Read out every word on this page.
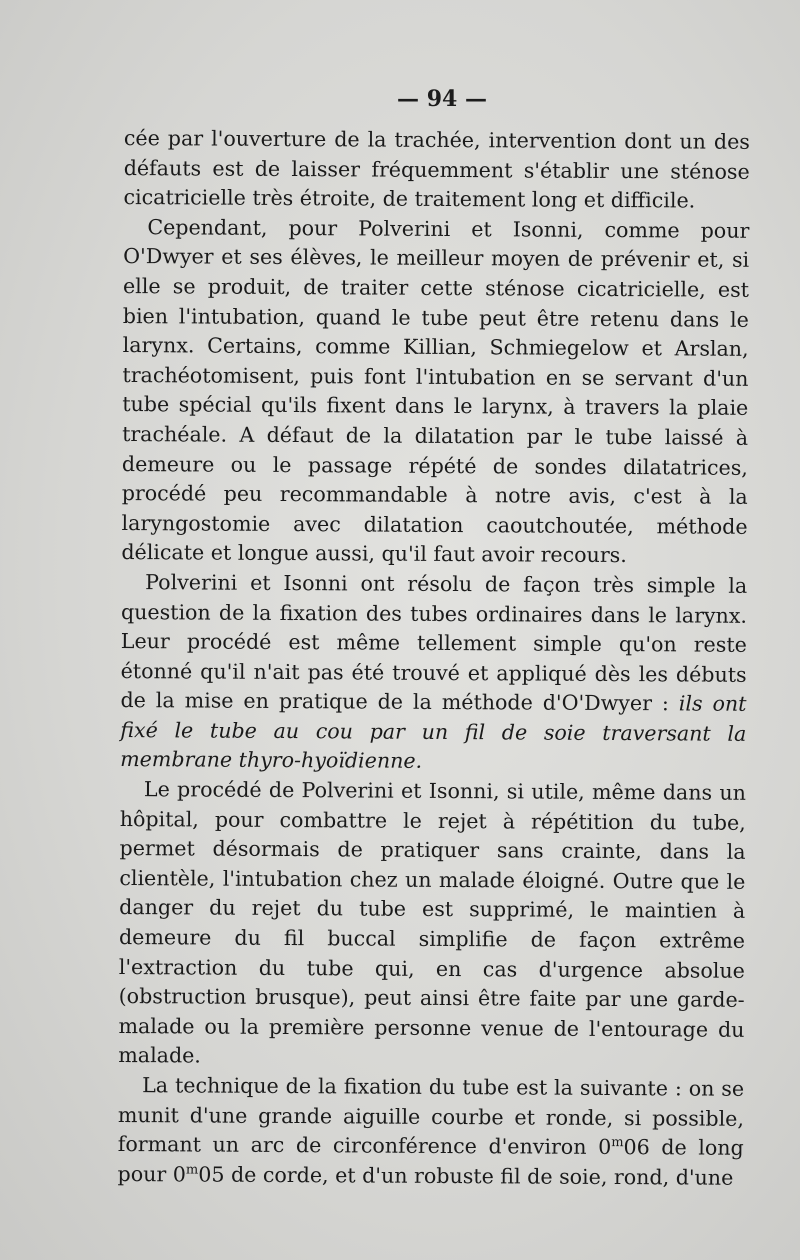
— 94 —

cée par l'ouverture de la trachée, intervention dont un des défauts est de laisser fréquemment s'établir une sténose cicatricielle très étroite, de traitement long et difficile.

Cependant, pour Polverini et Isonni, comme pour O'Dwyer et ses élèves, le meilleur moyen de prévenir et, si elle se produit, de traiter cette sténose cicatricielle, est bien l'intubation, quand le tube peut être retenu dans le larynx. Certains, comme Killian, Schmiegelow et Arslan, trachéotomisent, puis font l'intubation en se servant d'un tube spécial qu'ils fixent dans le larynx, à travers la plaie trachéale. A défaut de la dilatation par le tube laissé à demeure ou le passage répété de sondes dilatatrices, procédé peu recommandable à notre avis, c'est à la laryngostomie avec dilatation caoutchoutée, méthode délicate et longue aussi, qu'il faut avoir recours.

Polverini et Isonni ont résolu de façon très simple la question de la fixation des tubes ordinaires dans le larynx. Leur procédé est même tellement simple qu'on reste étonné qu'il n'ait pas été trouvé et appliqué dès les débuts de la mise en pratique de la méthode d'O'Dwyer : ils ont fixé le tube au cou par un fil de soie traversant la membrane thyro-hyoïdienne.

Le procédé de Polverini et Isonni, si utile, même dans un hôpital, pour combattre le rejet à répétition du tube, permet désormais de pratiquer sans crainte, dans la clientèle, l'intubation chez un malade éloigné. Outre que le danger du rejet du tube est supprimé, le maintien à demeure du fil buccal simplifie de façon extrême l'extraction du tube qui, en cas d'urgence absolue (obstruction brusque), peut ainsi être faite par une garde-malade ou la première personne venue de l'entourage du malade.

La technique de la fixation du tube est la suivante : on se munit d'une grande aiguille courbe et ronde, si possible, formant un arc de circonférence d'environ 0$^m$06 de long pour 0$^m$05 de corde, et d'un robuste fil de soie, rond, d'une
